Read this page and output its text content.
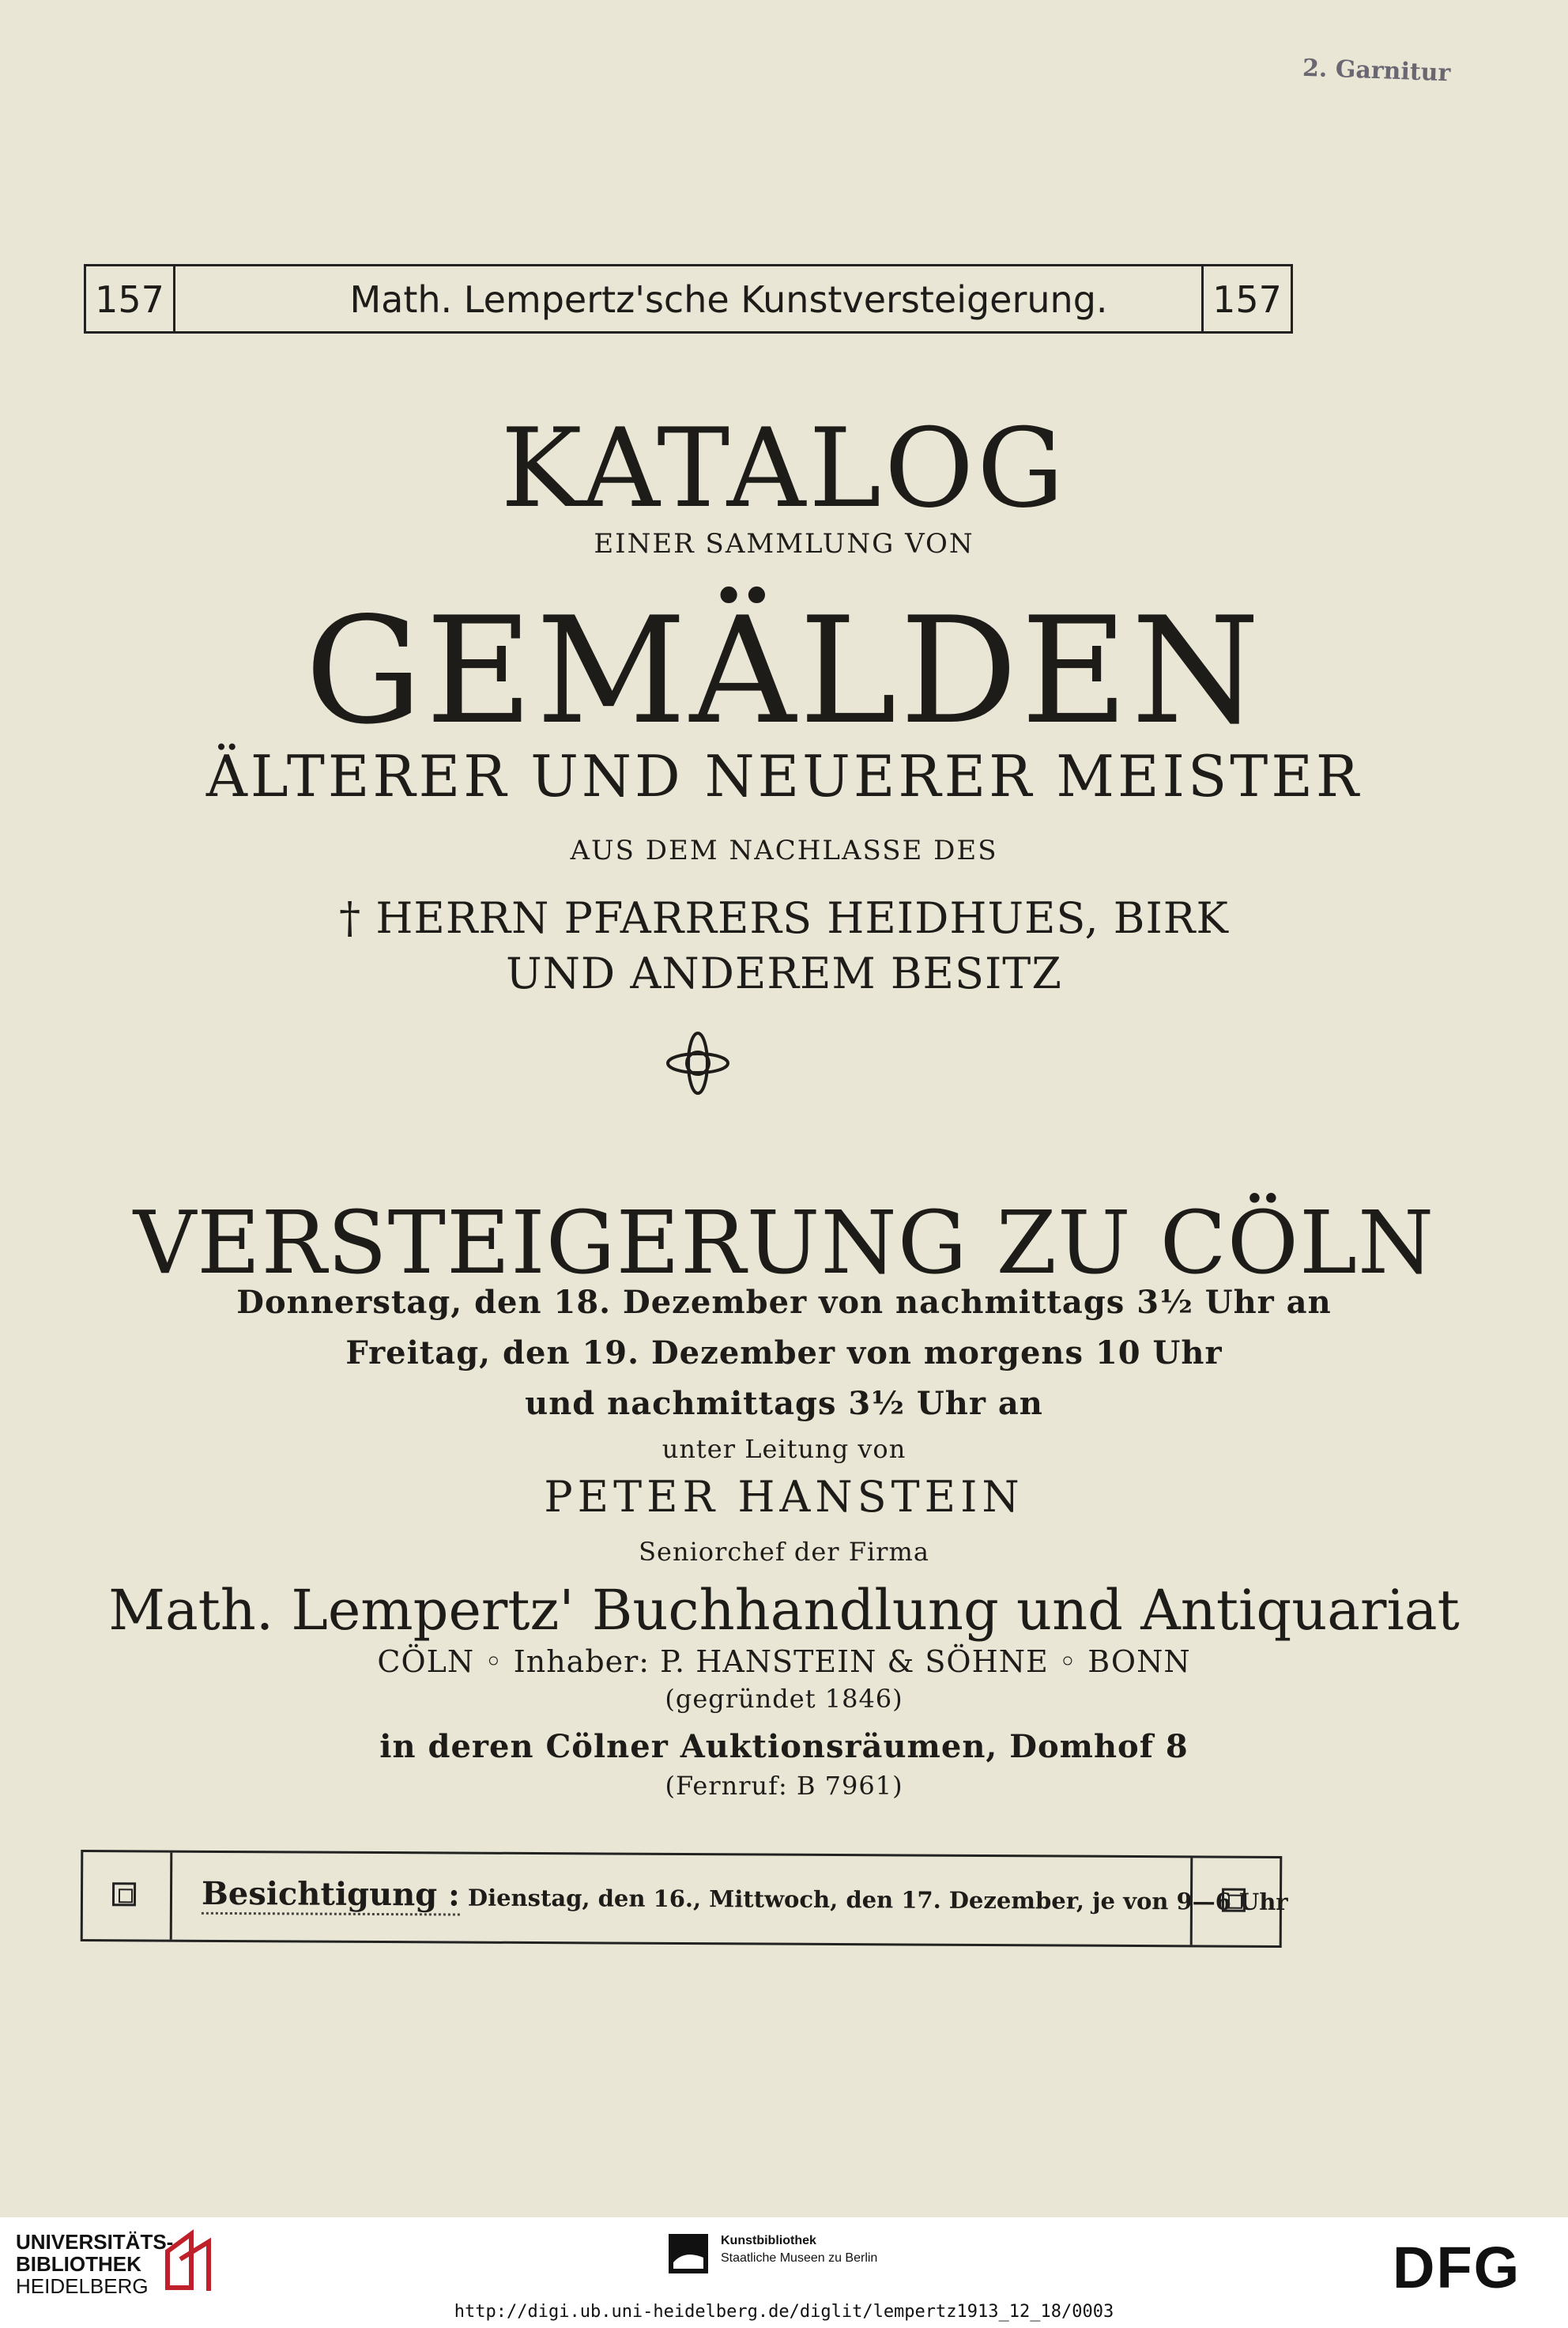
2. Garnitur
157	Math. Lempertz'sche Kunstversteigerung.	157
KATALOG
EINER SAMMLUNG VON
GEMÄLDEN
ÄLTERER UND NEUERER MEISTER
AUS DEM NACHLASSE DES
† HERRN PFARRERS HEIDHUES, BIRK
UND ANDEREM BESITZ
VERSTEIGERUNG ZU CÖLN
Donnerstag, den 18. Dezember von nachmittags 3½ Uhr an
Freitag, den 19. Dezember von morgens 10 Uhr
und nachmittags 3½ Uhr an
unter Leitung von
PETER HANSTEIN
Seniorchef der Firma
Math. Lempertz' Buchhandlung und Antiquariat
CÖLN ◦ Inhaber: P. HANSTEIN & SÖHNE ◦ BONN
(gegründet 1846)
in deren Cölner Auktionsräumen, Domhof 8
(Fernruf: B 7961)
Besichtigung : Dienstag, den 16., Mittwoch, den 17. Dezember, je von 9—6 Uhr
UNIVERSITÄTS-
BIBLIOTHEK
HEIDELBERG
Kunstbibliothek
Staatliche Museen zu Berlin	DFG
http://digi.ub.uni-heidelberg.de/diglit/lempertz1913_12_18/0003
